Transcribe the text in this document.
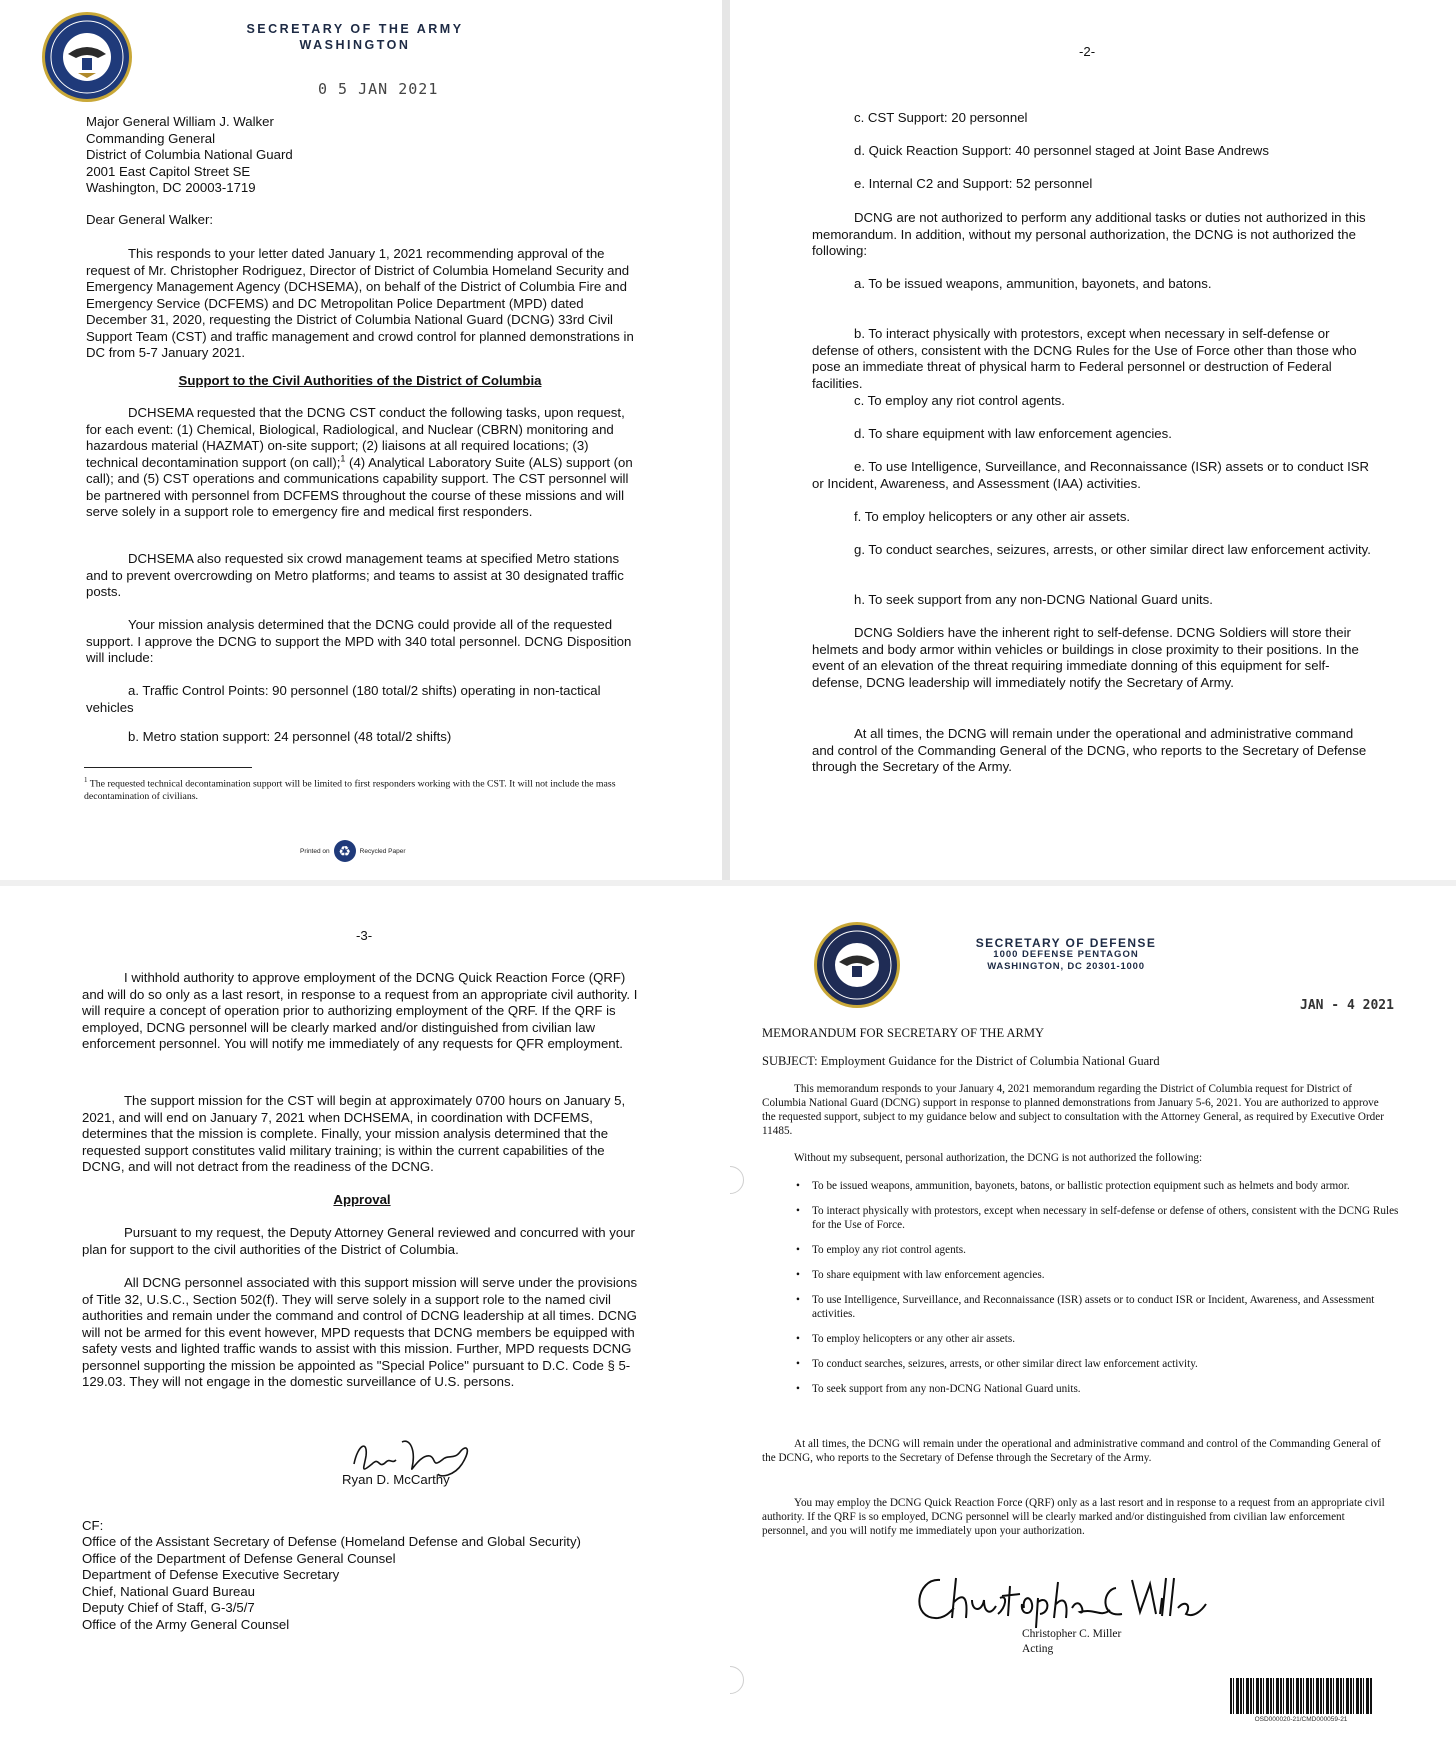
SECRETARY OF THE ARMY
WASHINGTON
0 5 JAN 2021
Major General William J. Walker
Commanding General
District of Columbia National Guard
2001 East Capitol Street SE
Washington, DC 20003-1719
Dear General Walker:

This responds to your letter dated January 1, 2021 recommending approval of the request of Mr. Christopher Rodriguez, Director of District of Columbia Homeland Security and Emergency Management Agency (DCHSEMA), on behalf of the District of Columbia Fire and Emergency Service (DCFEMS) and DC Metropolitan Police Department (MPD) dated December 31, 2020, requesting the District of Columbia National Guard (DCNG) 33rd Civil Support Team (CST) and traffic management and crowd control for planned demonstrations in DC from 5-7 January 2021.

Support to the Civil Authorities of the District of Columbia

DCHSEMA requested that the DCNG CST conduct the following tasks, upon request, for each event: (1) Chemical, Biological, Radiological, and Nuclear (CBRN) monitoring and hazardous material (HAZMAT) on-site support; (2) liaisons at all required locations; (3) technical decontamination support (on call);$^1$ (4) Analytical Laboratory Suite (ALS) support (on call); and (5) CST operations and communications capability support. The CST personnel will be partnered with personnel from DCFEMS throughout the course of these missions and will serve solely in a support role to emergency fire and medical first responders.

DCHSEMA also requested six crowd management teams at specified Metro stations and to prevent overcrowding on Metro platforms; and teams to assist at 30 designated traffic posts.

Your mission analysis determined that the DCNG could provide all of the requested support. I approve the DCNG to support the MPD with 340 total personnel. DCNG Disposition will include:

a. Traffic Control Points: 90 personnel (180 total/2 shifts) operating in non-tactical vehicles

b. Metro station support: 24 personnel (48 total/2 shifts)

$^1$ The requested technical decontamination support will be limited to first responders working with the CST. It will not include the mass decontamination of civilians.
Printed on ♻	Recycled Paper
-2-

c. CST Support: 20 personnel

d. Quick Reaction Support: 40 personnel staged at Joint Base Andrews

e. Internal C2 and Support: 52 personnel

DCNG are not authorized to perform any additional tasks or duties not authorized in this memorandum. In addition, without my personal authorization, the DCNG is not authorized the following:

a. To be issued weapons, ammunition, bayonets, and batons.

b. To interact physically with protestors, except when necessary in self-defense or defense of others, consistent with the DCNG Rules for the Use of Force other than those who pose an immediate threat of physical harm to Federal personnel or destruction of Federal facilities.

c. To employ any riot control agents.

d. To share equipment with law enforcement agencies.

e. To use Intelligence, Surveillance, and Reconnaissance (ISR) assets or to conduct ISR or Incident, Awareness, and Assessment (IAA) activities.

f. To employ helicopters or any other air assets.

g. To conduct searches, seizures, arrests, or other similar direct law enforcement activity.

h. To seek support from any non-DCNG National Guard units.

DCNG Soldiers have the inherent right to self-defense. DCNG Soldiers will store their helmets and body armor within vehicles or buildings in close proximity to their positions. In the event of an elevation of the threat requiring immediate donning of this equipment for self-defense, DCNG leadership will immediately notify the Secretary of Army.

At all times, the DCNG will remain under the operational and administrative command and control of the Commanding General of the DCNG, who reports to the Secretary of Defense through the Secretary of the Army.

-3-

I withhold authority to approve employment of the DCNG Quick Reaction Force (QRF) and will do so only as a last resort, in response to a request from an appropriate civil authority. I will require a concept of operation prior to authorizing employment of the QRF. If the QRF is employed, DCNG personnel will be clearly marked and/or distinguished from civilian law enforcement personnel. You will notify me immediately of any requests for QFR employment.

The support mission for the CST will begin at approximately 0700 hours on January 5, 2021, and will end on January 7, 2021 when DCHSEMA, in coordination with DCFEMS, determines that the mission is complete. Finally, your mission analysis determined that the requested support constitutes valid military training; is within the current capabilities of the DCNG, and will not detract from the readiness of the DCNG.

Approval

Pursuant to my request, the Deputy Attorney General reviewed and concurred with your plan for support to the civil authorities of the District of Columbia.

All DCNG personnel associated with this support mission will serve under the provisions of Title 32, U.S.C., Section 502(f). They will serve solely in a support role to the named civil authorities and remain under the command and control of DCNG leadership at all times. DCNG will not be armed for this event however, MPD requests that DCNG members be equipped with safety vests and lighted traffic wands to assist with this mission. Further, MPD requests DCNG personnel supporting the mission be appointed as "Special Police" pursuant to D.C. Code § 5-129.03. They will not engage in the domestic surveillance of U.S. persons.

Ryan D. McCarthy
CF:
Office of the Assistant Secretary of Defense (Homeland Defense and Global Security)
Office of the Department of Defense General Counsel
Department of Defense Executive Secretary
Chief, National Guard Bureau
Deputy Chief of Staff, G-3/5/7
Office of the Army General Counsel
SECRETARY OF DEFENSE
1000 DEFENSE PENTAGON
WASHINGTON, DC 20301-1000
JAN - 4 2021
MEMORANDUM FOR SECRETARY OF THE ARMY
SUBJECT: Employment Guidance for the District of Columbia National Guard

This memorandum responds to your January 4, 2021 memorandum regarding the District of Columbia request for District of Columbia National Guard (DCNG) support in response to planned demonstrations from January 5-6, 2021. You are authorized to approve the requested support, subject to my guidance below and subject to consultation with the Attorney General, as required by Executive Order 11485.

Without my subsequent, personal authorization, the DCNG is not authorized the following:

• To be issued weapons, ammunition, bayonets, batons, or ballistic protection equipment such as helmets and body armor.
• To interact physically with protestors, except when necessary in self-defense or defense of others, consistent with the DCNG Rules for the Use of Force.
• To employ any riot control agents.
• To share equipment with law enforcement agencies.
• To use Intelligence, Surveillance, and Reconnaissance (ISR) assets or to conduct ISR or Incident, Awareness, and Assessment activities.
• To employ helicopters or any other air assets.
• To conduct searches, seizures, arrests, or other similar direct law enforcement activity.
• To seek support from any non-DCNG National Guard units.

At all times, the DCNG will remain under the operational and administrative command and control of the Commanding General of the DCNG, who reports to the Secretary of Defense through the Secretary of the Army.

You may employ the DCNG Quick Reaction Force (QRF) only as a last resort and in response to a request from an appropriate civil authority. If the QRF is so employed, DCNG personnel will be clearly marked and/or distinguished from civilian law enforcement personnel, and you will notify me immediately upon your authorization.

Christopher C. Miller
Acting
OSD000020-21/CMD000059-21
